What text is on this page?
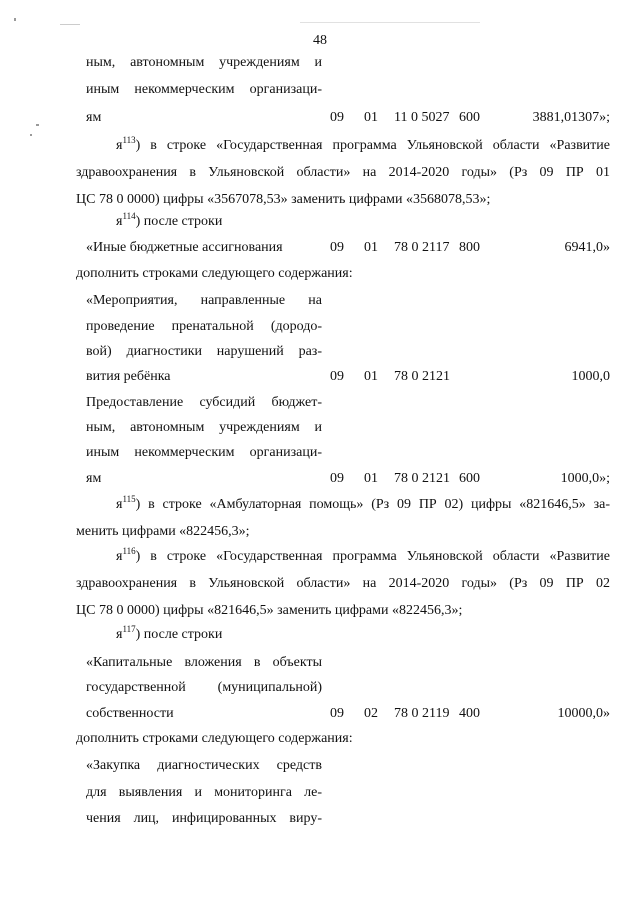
48
ным, автономным учреждениям и
иным некоммерческим организаци-
ям	09 01 11 0 5027 600	3881,01307»;
$я^{113}$) в строке «Государственная программа Ульяновской области «Развитие
здравоохранения в Ульяновской области» на 2014-2020 годы» (Рз 09 ПР 01
ЦС 78 0 0000) цифры «3567078,53» заменить цифрами «3568078,53»;
$я^{114}$) после строки
«Иные бюджетные ассигнования	09 01 78 0 2117 800	6941,0»
дополнить строками следующего содержания:
«Мероприятия, направленные на
проведение пренатальной (дородо-
вой) диагностики нарушений раз-
вития ребёнка	09 01 78 0 2121	1000,0
Предоставление субсидий бюджет-
ным, автономным учреждениям и
иным некоммерческим организаци-
ям	09 01 78 0 2121 600	1000,0»;
$я^{115}$) в строке «Амбулаторная помощь» (Рз 09 ПР 02) цифры «821646,5» за-
менить цифрами «822456,3»;
$я^{116}$) в строке «Государственная программа Ульяновской области «Развитие
здравоохранения в Ульяновской области» на 2014-2020 годы» (Рз 09 ПР 02
ЦС 78 0 0000) цифры «821646,5» заменить цифрами «822456,3»;
$я^{117}$) после строки
«Капитальные вложения в объекты
государственной (муниципальной)
собственности	09 02 78 0 2119 400	10000,0»
дополнить строками следующего содержания:
«Закупка диагностических средств
для выявления и мониторинга ле-
чения лиц, инфицированных виру-
